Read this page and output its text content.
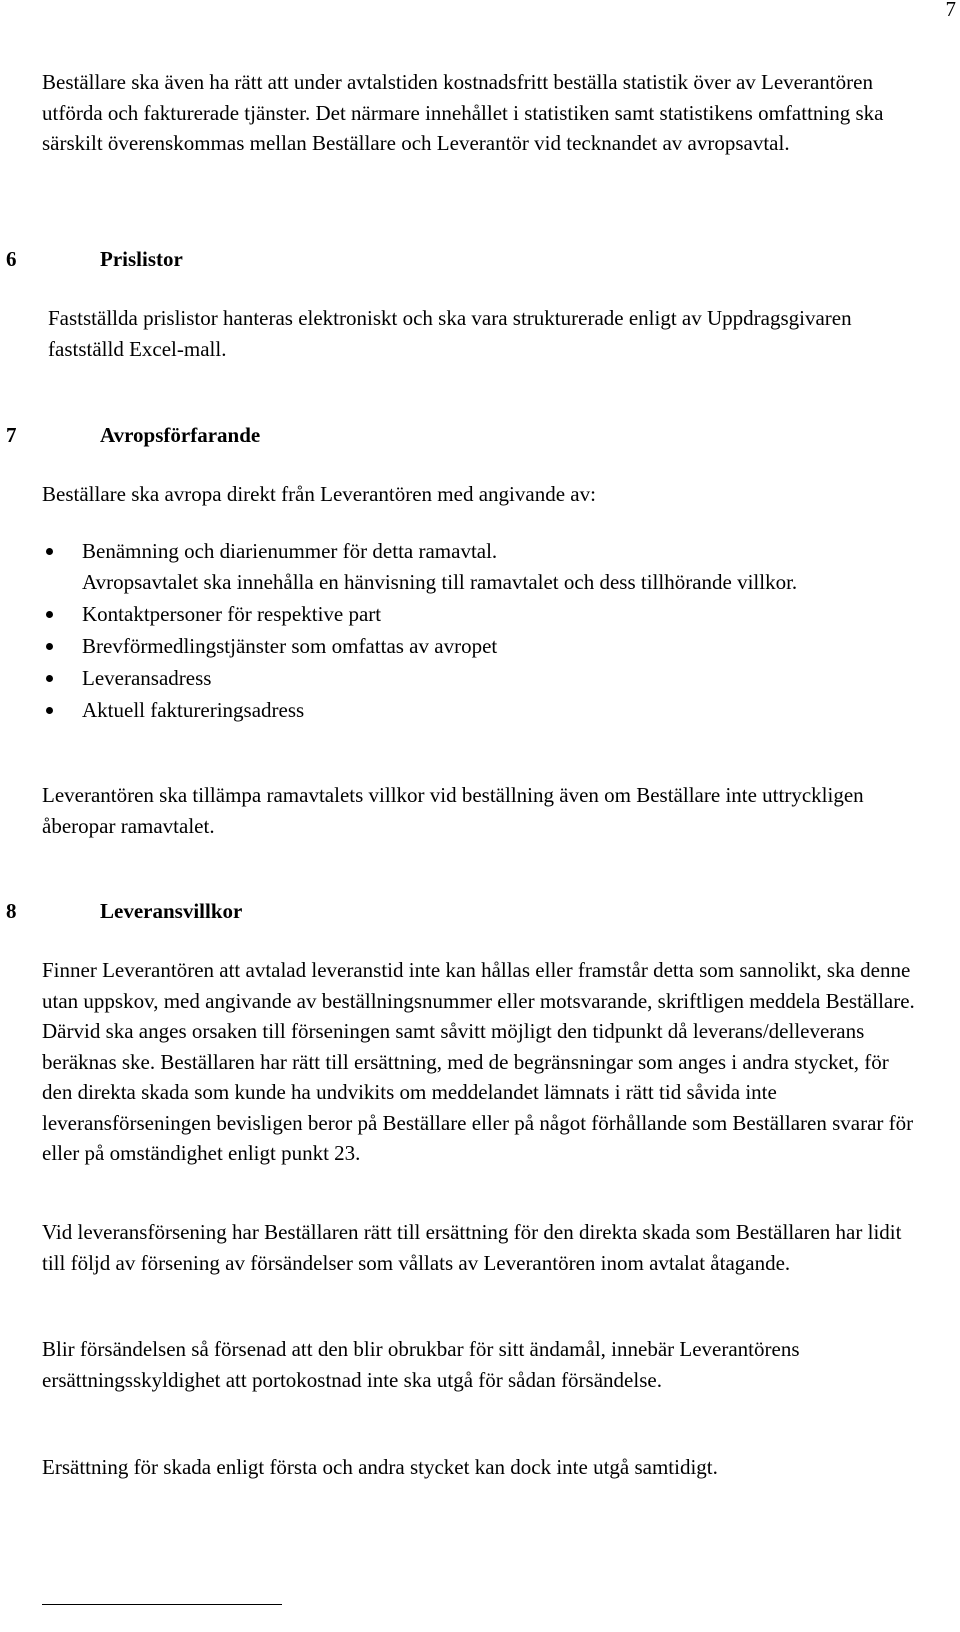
7

Beställare ska även ha rätt att under avtalstiden kostnadsfritt beställa statistik över av Leverantören utförda och fakturerade tjänster. Det närmare innehållet i statistiken samt statistikens omfattning ska särskilt överenskommas mellan Beställare och Leverantör vid tecknandet av avropsavtal.

6	Prislistor

Fastställda prislistor hanteras elektroniskt och ska vara strukturerade enligt av Uppdragsgivaren fastställd Excel-mall.

7	Avropsförfarande

Beställare ska avropa direkt från Leverantören med angivande av:

Benämning och diarienummer för detta ramavtal.
Avropsavtalet ska innehålla en hänvisning till ramavtalet och dess tillhörande villkor.
Kontaktpersoner för respektive part
Brevförmedlingstjänster som omfattas av avropet
Leveransadress
Aktuell faktureringsadress

Leverantören ska tillämpa ramavtalets villkor vid beställning även om Beställare inte uttryckligen åberopar ramavtalet.

8	Leveransvillkor

Finner Leverantören att avtalad leveranstid inte kan hållas eller framstår detta som sannolikt, ska denne utan uppskov, med angivande av beställningsnummer eller motsvarande, skriftligen meddela Beställare. Därvid ska anges orsaken till förseningen samt såvitt möjligt den tidpunkt då leverans/delleverans beräknas ske. Beställaren har rätt till ersättning, med de begränsningar som anges i andra stycket, för den direkta skada som kunde ha undvikits om meddelandet lämnats i rätt tid såvida inte leveransförseningen bevisligen beror på Beställare eller på något förhållande som Beställaren svarar för eller på omständighet enligt punkt 23.

Vid leveransförsening har Beställaren rätt till ersättning för den direkta skada som Beställaren har lidit till följd av försening av försändelser som vållats av Leverantören inom avtalat åtagande.

Blir försändelsen så försenad att den blir obrukbar för sitt ändamål, innebär Leverantörens ersättningsskyldighet att portokostnad inte ska utgå för sådan försändelse.

Ersättning för skada enligt första och andra stycket kan dock inte utgå samtidigt.
